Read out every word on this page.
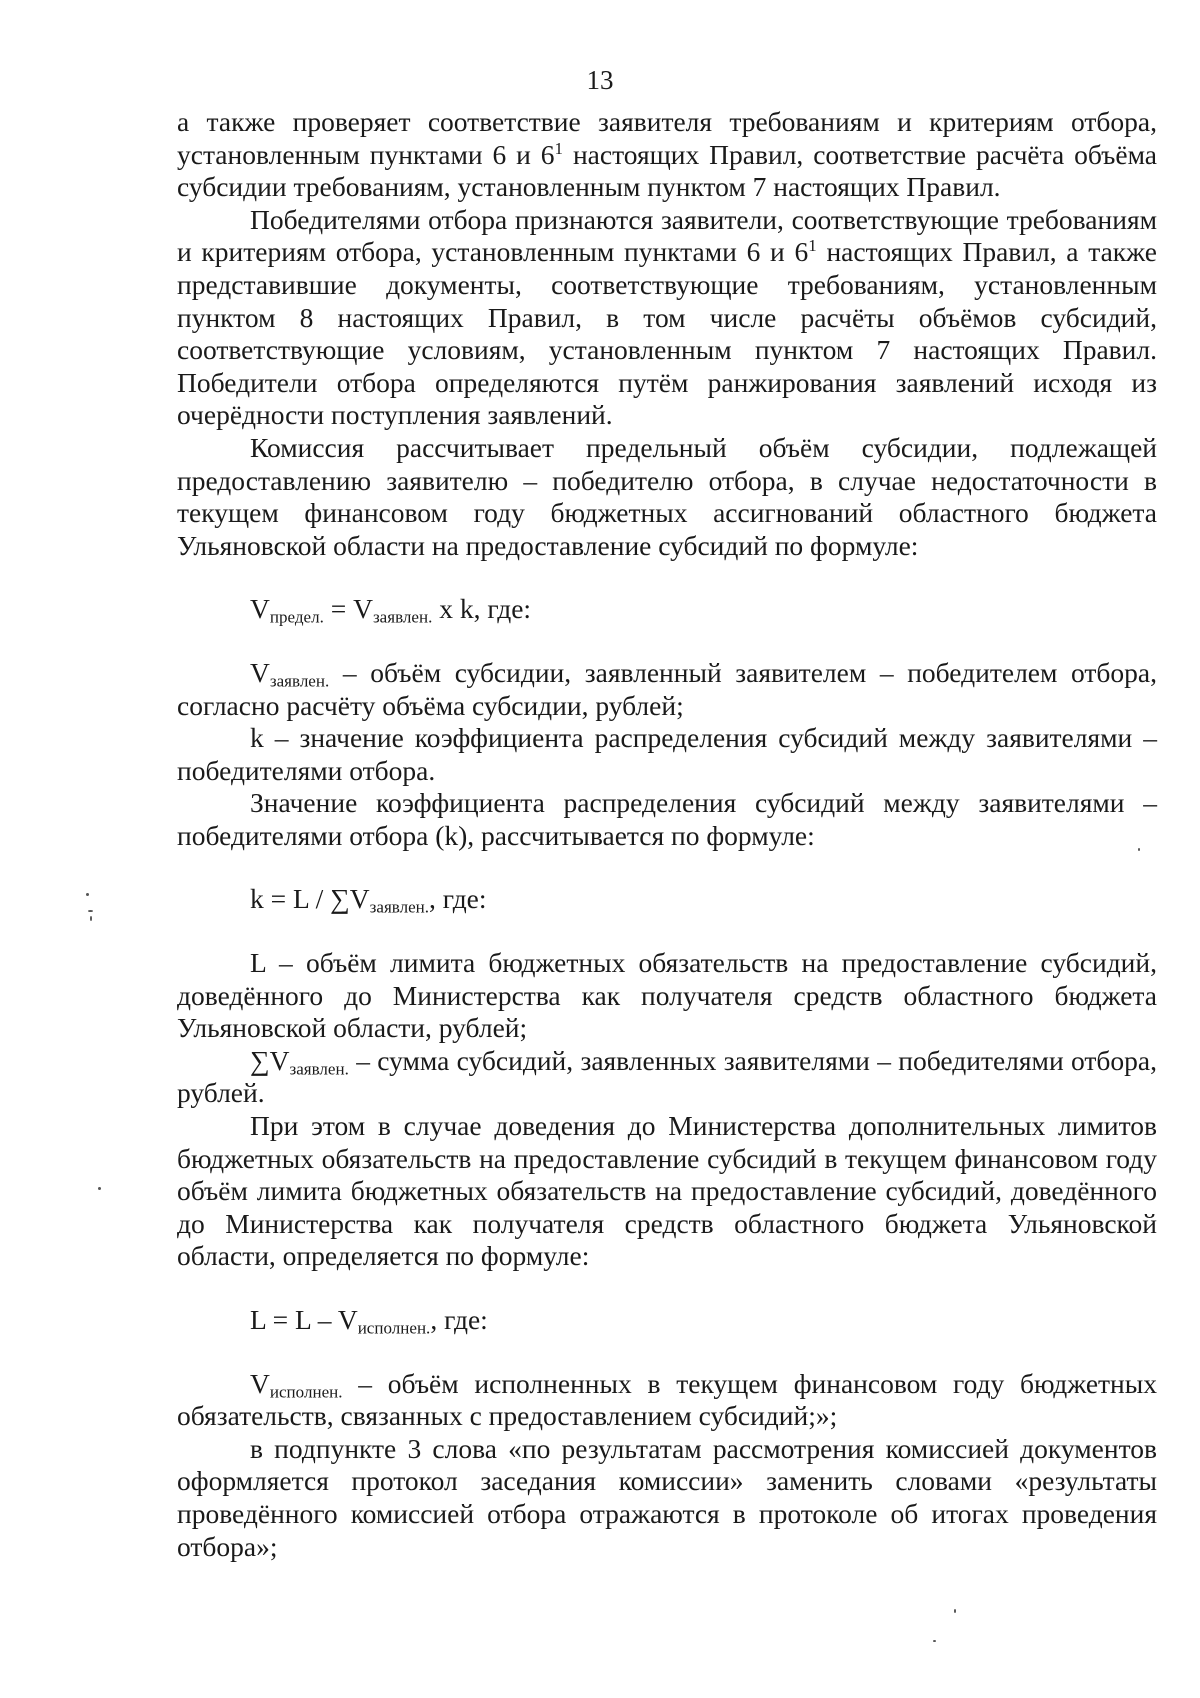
13

а также проверяет соответствие заявителя требованиям и критериям отбора, установленным пунктами 6 и $6^1$ настоящих Правил, соответствие расчёта объёма субсидии требованиям, установленным пунктом 7 настоящих Правил.

Победителями отбора признаются заявители, соответствующие требованиям и критериям отбора, установленным пунктами 6 и $6^1$ настоящих Правил, а также представившие документы, соответствующие требованиям, установленным пунктом 8 настоящих Правил, в том числе расчёты объёмов субсидий, соответствующие условиям, установленным пунктом 7 настоящих Правил. Победители отбора определяются путём ранжирования заявлений исходя из очерёдности поступления заявлений.

Комиссия рассчитывает предельный объём субсидии, подлежащей предоставлению заявителю – победителю отбора, в случае недостаточности в текущем финансовом году бюджетных ассигнований областного бюджета Ульяновской области на предоставление субсидий по формуле:

$V_{предел.} = V_{заявлен.}$ x k, где:

$V_{заявлен.}$ – объём субсидии, заявленный заявителем – победителем отбора, согласно расчёту объёма субсидии, рублей;

k – значение коэффициента распределения субсидий между заявителями – победителями отбора.

Значение коэффициента распределения субсидий между заявителями – победителями отбора (k), рассчитывается по формуле:

$k = L / \sum V_{заявлен.}$, где:

L – объём лимита бюджетных обязательств на предоставление субсидий, доведённого до Министерства как получателя средств областного бюджета Ульяновской области, рублей;

$\sum V_{заявлен.}$ – сумма субсидий, заявленных заявителями – победителями отбора, рублей.

При этом в случае доведения до Министерства дополнительных лимитов бюджетных обязательств на предоставление субсидий в текущем финансовом году объём лимита бюджетных обязательств на предоставление субсидий, доведённого до Министерства как получателя средств областного бюджета Ульяновской области, определяется по формуле:

$L = L - V_{исполнен.}$, где:

$V_{исполнен.}$ – объём исполненных в текущем финансовом году бюджетных обязательств, связанных с предоставлением субсидий;»;

в подпункте 3 слова «по результатам рассмотрения комиссией документов оформляется протокол заседания комиссии» заменить словами «результаты проведённого комиссией отбора отражаются в протоколе об итогах проведения отбора»;
